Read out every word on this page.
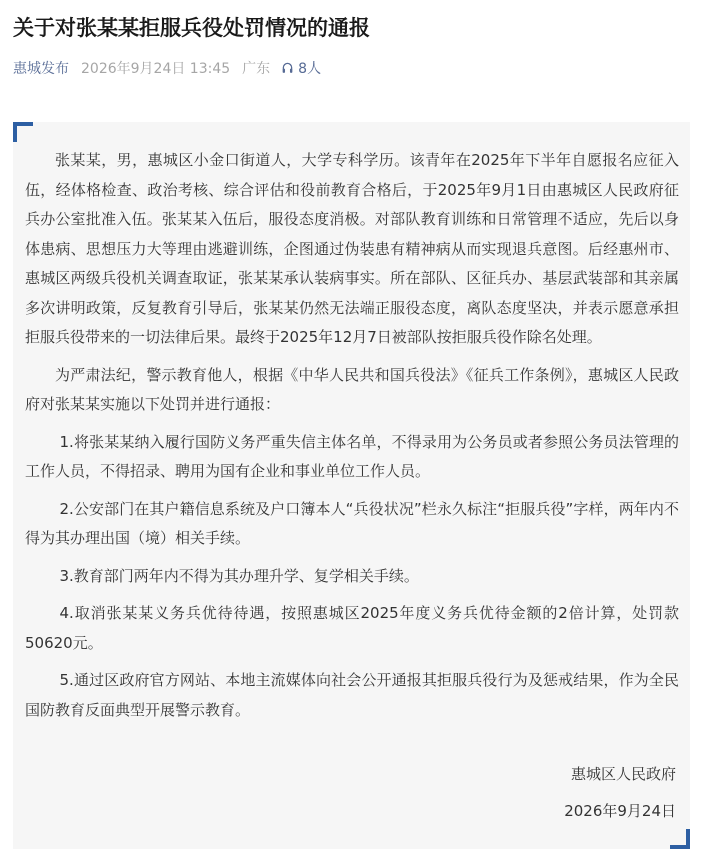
关于对张某某拒服兵役处罚情况的通报
惠城发布 2026年9月24日 13:45 广东 8人

张某某，男，惠城区小金口街道人，大学专科学历。该青年在2025年下半年自愿报名应征入伍，经体格检查、政治考核、综合评估和役前教育合格后，于2025年9月1日由惠城区人民政府征兵办公室批准入伍。张某某入伍后，服役态度消极。对部队教育训练和日常管理不适应，先后以身体患病、思想压力大等理由逃避训练，企图通过伪装患有精神病从而实现退兵意图。后经惠州市、惠城区两级兵役机关调查取证，张某某承认装病事实。所在部队、区征兵办、基层武装部和其亲属多次讲明政策，反复教育引导后，张某某仍然无法端正服役态度，离队态度坚决，并表示愿意承担拒服兵役带来的一切法律后果。最终于2025年12月7日被部队按拒服兵役作除名处理。

为严肃法纪，警示教育他人，根据《中华人民共和国兵役法》《征兵工作条例》，惠城区人民政府对张某某实施以下处罚并进行通报：

1.将张某某纳入履行国防义务严重失信主体名单，不得录用为公务员或者参照公务员法管理的工作人员，不得招录、聘用为国有企业和事业单位工作人员。

2.公安部门在其户籍信息系统及户口簿本人“兵役状况”栏永久标注“拒服兵役”字样，两年内不得为其办理出国（境）相关手续。

3.教育部门两年内不得为其办理升学、复学相关手续。

4.取消张某某义务兵优待待遇，按照惠城区2025年度义务兵优待金额的2倍计算，处罚款50620元。

5.通过区政府官方网站、本地主流媒体向社会公开通报其拒服兵役行为及惩戒结果，作为全民国防教育反面典型开展警示教育。

惠城区人民政府
2026年9月24日
